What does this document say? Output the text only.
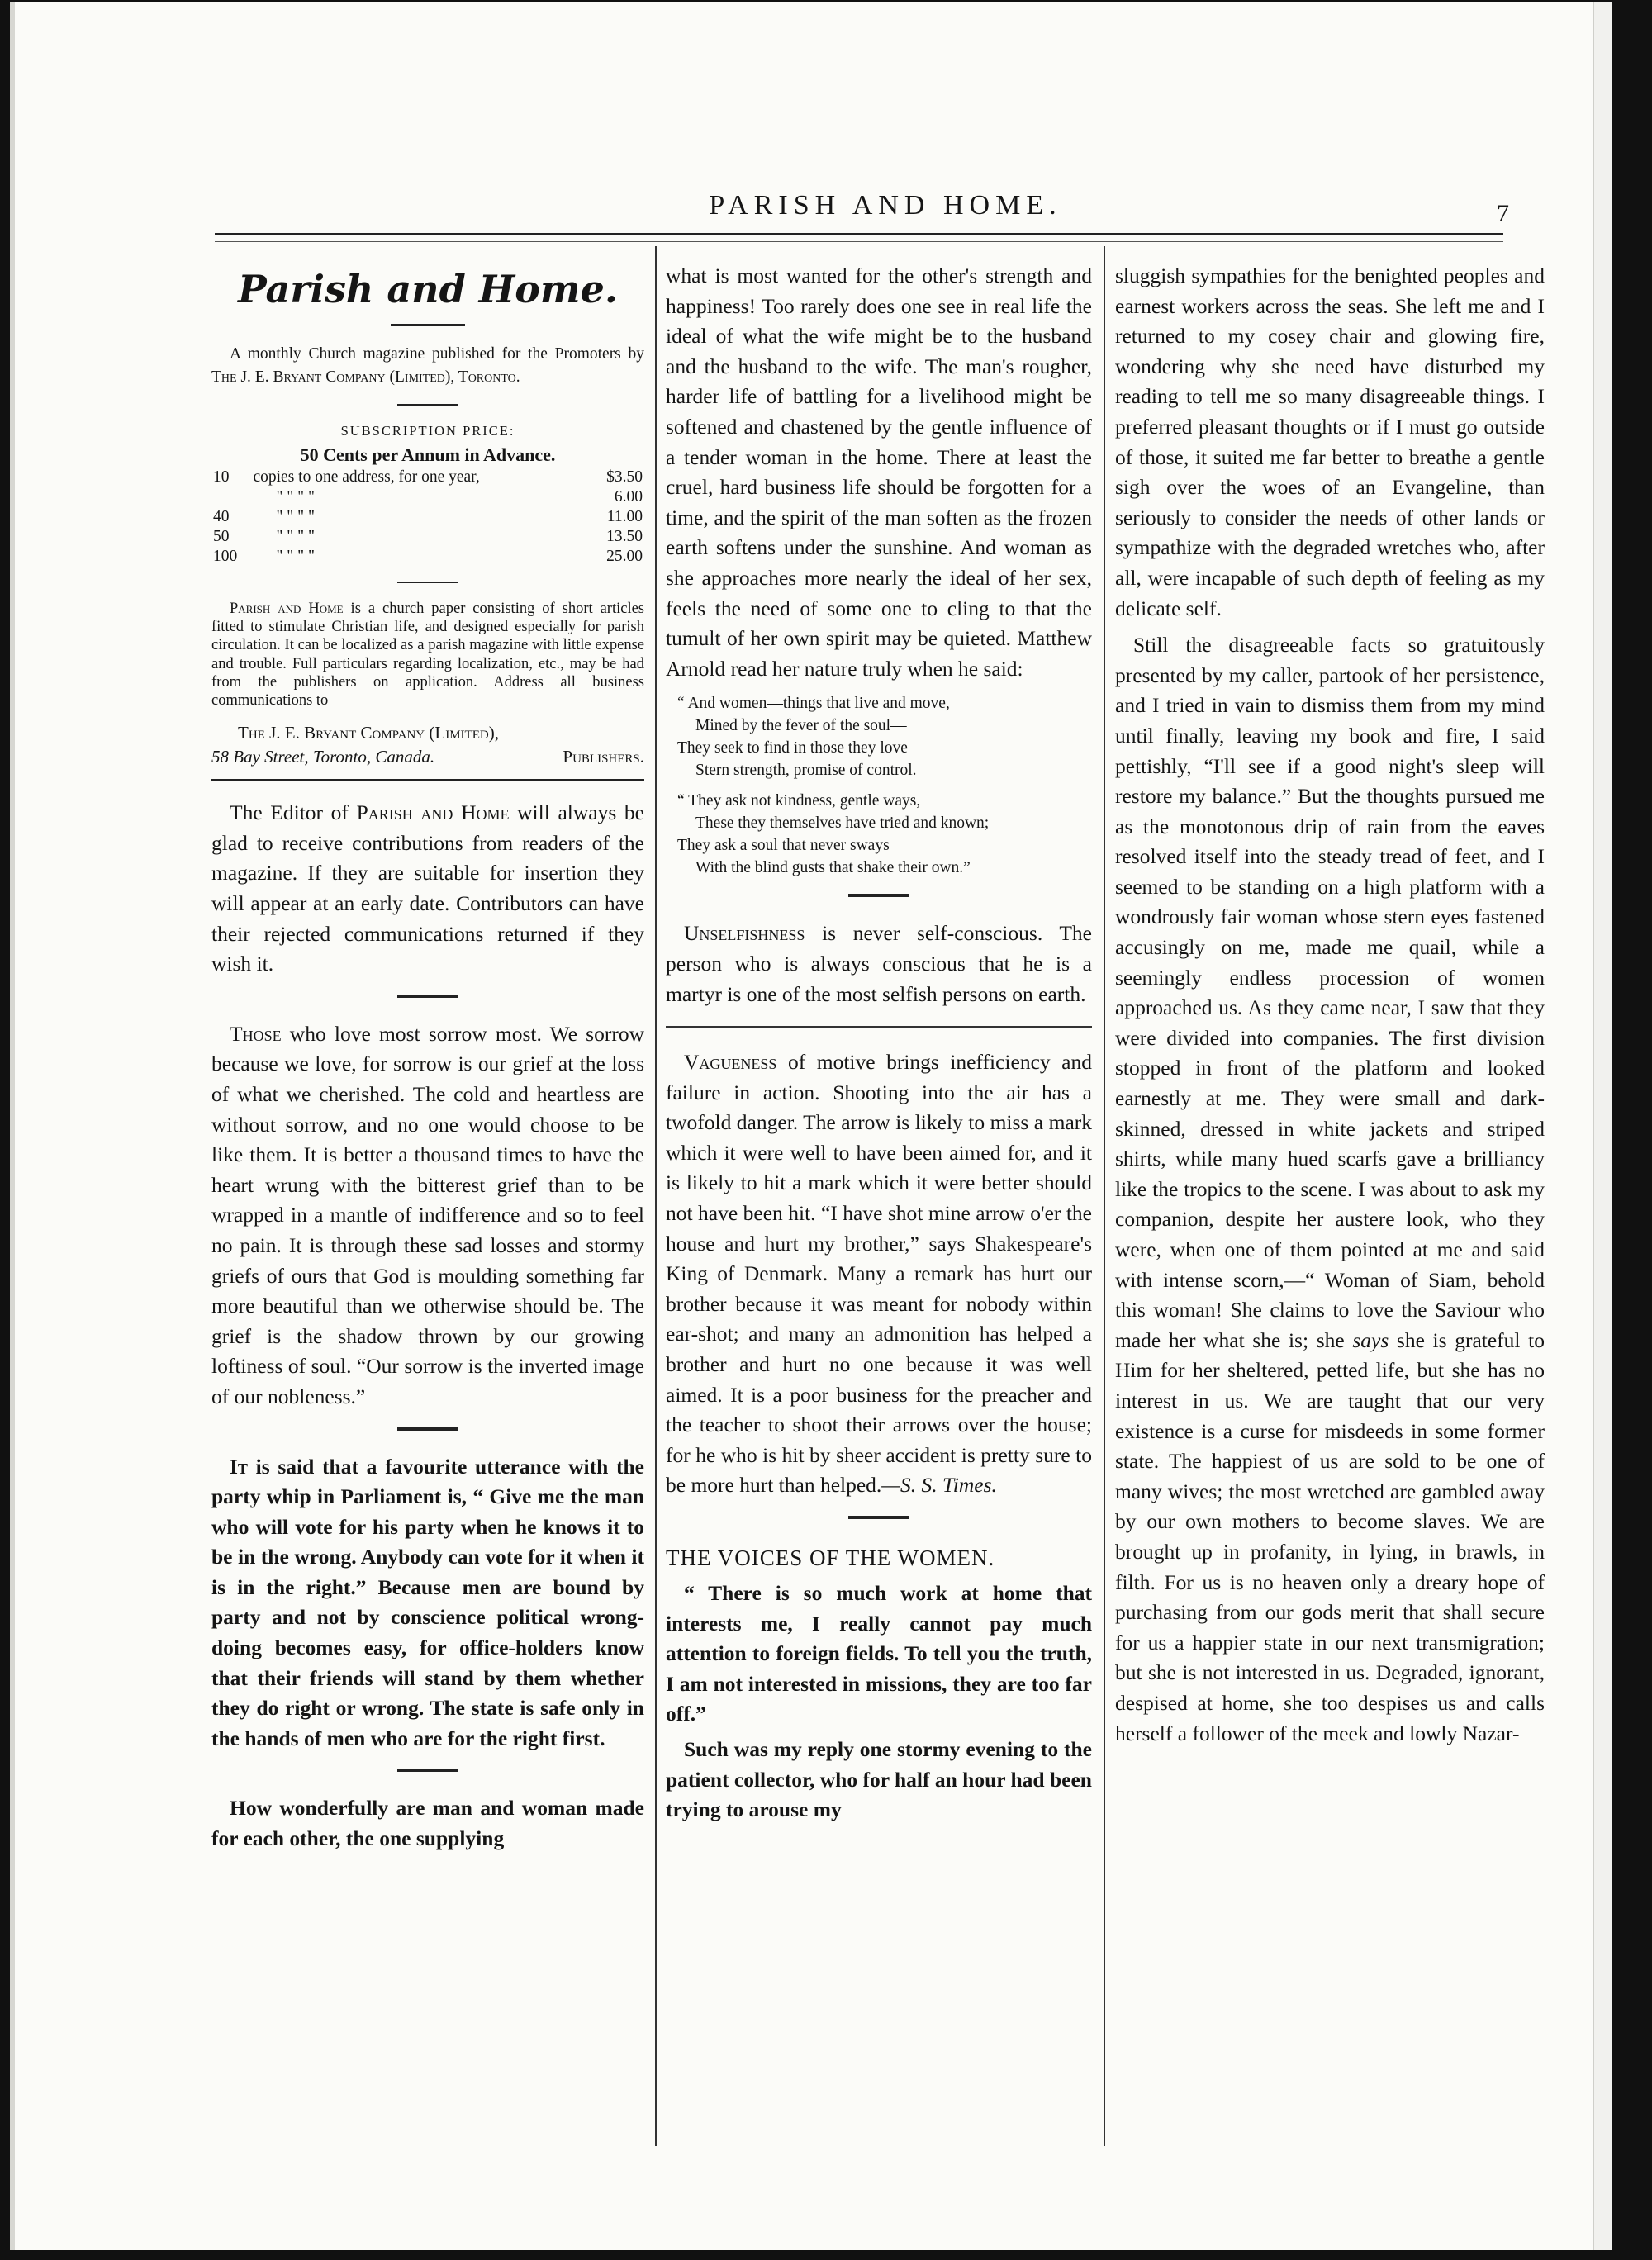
PARISH AND HOME.	7
Parish and Home.

A monthly Church magazine published for the Promoters by The J. E. Bryant Company (Limited), Toronto.

SUBSCRIPTION PRICE:
50 Cents per Annum in Advance.
10	copies to one address, for one year,	$3.50
	" " " "	6.00
40	" " " "	11.00
50	" " " "	13.50
100	" " " "	25.00

Parish and Home is a church paper consisting of short articles fitted to stimulate Christian life, and designed especially for parish circulation. It can be localized as a parish magazine with little expense and trouble. Full particulars regarding localization, etc., may be had from the publishers on application. Address all business communications to

The J. E. Bryant Company (Limited),
58 Bay Street, Toronto, Canada.	Publishers.

The Editor of Parish and Home will always be glad to receive contributions from readers of the magazine. If they are suitable for insertion they will appear at an early date. Contributors can have their rejected communications returned if they wish it.

Those who love most sorrow most. We sorrow because we love, for sorrow is our grief at the loss of what we cherished. The cold and heartless are without sorrow, and no one would choose to be like them. It is better a thousand times to have the heart wrung with the bitterest grief than to be wrapped in a mantle of indifference and so to feel no pain. It is through these sad losses and stormy griefs of ours that God is moulding something far more beautiful than we otherwise should be. The grief is the shadow thrown by our growing loftiness of soul. “Our sorrow is the inverted image of our nobleness.”

It is said that a favourite utterance with the party whip in Parliament is, “ Give me the man who will vote for his party when he knows it to be in the wrong. Anybody can vote for it when it is in the right.” Because men are bound by party and not by conscience political wrong-doing becomes easy, for office-holders know that their friends will stand by them whether they do right or wrong. The state is safe only in the hands of men who are for the right first.

How wonderfully are man and woman made for each other, the one supplying

what is most wanted for the other's strength and happiness! Too rarely does one see in real life the ideal of what the wife might be to the husband and the husband to the wife. The man's rougher, harder life of battling for a livelihood might be softened and chastened by the gentle influence of a tender woman in the home. There at least the cruel, hard business life should be forgotten for a time, and the spirit of the man soften as the frozen earth softens under the sunshine. And woman as she approaches more nearly the ideal of her sex, feels the need of some one to cling to that the tumult of her own spirit may be quieted. Matthew Arnold read her nature truly when he said:

“ And women—things that live and move,
Mined by the fever of the soul—
They seek to find in those they love
Stern strength, promise of control.
“ They ask not kindness, gentle ways,
These they themselves have tried and known;
They ask a soul that never sways
With the blind gusts that shake their own.”

Unselfishness is never self-conscious. The person who is always conscious that he is a martyr is one of the most selfish persons on earth.

Vagueness of motive brings inefficiency and failure in action. Shooting into the air has a twofold danger. The arrow is likely to miss a mark which it were well to have been aimed for, and it is likely to hit a mark which it were better should not have been hit. “I have shot mine arrow o'er the house and hurt my brother,” says Shakespeare's King of Denmark. Many a remark has hurt our brother because it was meant for nobody within ear-shot; and many an admonition has helped a brother and hurt no one because it was well aimed. It is a poor business for the preacher and the teacher to shoot their arrows over the house; for he who is hit by sheer accident is pretty sure to be more hurt than helped.—S. S. Times.

THE VOICES OF THE WOMEN.

“ There is so much work at home that interests me, I really cannot pay much attention to foreign fields. To tell you the truth, I am not interested in missions, they are too far off.”

Such was my reply one stormy evening to the patient collector, who for half an hour had been trying to arouse my

sluggish sympathies for the benighted peoples and earnest workers across the seas. She left me and I returned to my cosey chair and glowing fire, wondering why she need have disturbed my reading to tell me so many disagreeable things. I preferred pleasant thoughts or if I must go outside of those, it suited me far better to breathe a gentle sigh over the woes of an Evangeline, than seriously to consider the needs of other lands or sympathize with the degraded wretches who, after all, were incapable of such depth of feeling as my delicate self.

Still the disagreeable facts so gratuitously presented by my caller, partook of her persistence, and I tried in vain to dismiss them from my mind until finally, leaving my book and fire, I said pettishly, “I'll see if a good night's sleep will restore my balance.” But the thoughts pursued me as the monotonous drip of rain from the eaves resolved itself into the steady tread of feet, and I seemed to be standing on a high platform with a wondrously fair woman whose stern eyes fastened accusingly on me, made me quail, while a seemingly endless procession of women approached us. As they came near, I saw that they were divided into companies. The first division stopped in front of the platform and looked earnestly at me. They were small and dark-skinned, dressed in white jackets and striped shirts, while many hued scarfs gave a brilliancy like the tropics to the scene. I was about to ask my companion, despite her austere look, who they were, when one of them pointed at me and said with intense scorn,—“ Woman of Siam, behold this woman! She claims to love the Saviour who made her what she is; she says she is grateful to Him for her sheltered, petted life, but she has no interest in us. We are taught that our very existence is a curse for misdeeds in some former state. The happiest of us are sold to be one of many wives; the most wretched are gambled away by our own mothers to become slaves. We are brought up in profanity, in lying, in brawls, in filth. For us is no heaven only a dreary hope of purchasing from our gods merit that shall secure for us a happier state in our next transmigration; but she is not interested in us. Degraded, ignorant, despised at home, she too despises us and calls herself a follower of the meek and lowly Nazar-
